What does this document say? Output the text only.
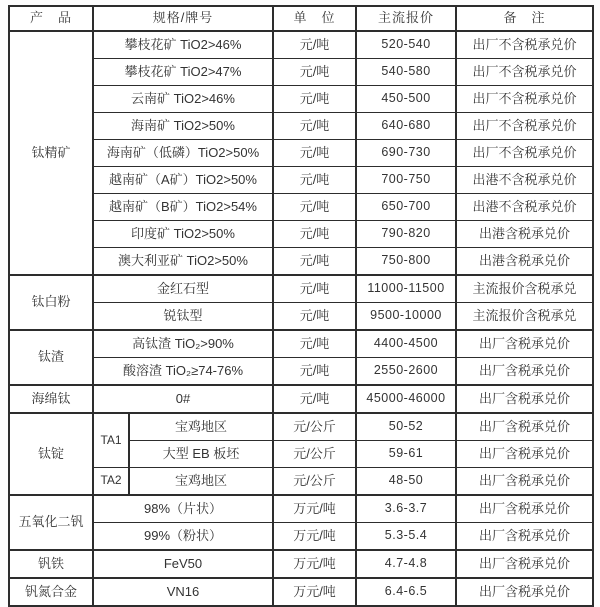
产　品	规格/牌号		单　位	主流报价	备　注
钛精矿	攀枝花矿 TiO2>46%		元/吨	520-540	出厂不含税承兑价
	攀枝花矿 TiO2>47%		元/吨	540-580	出厂不含税承兑价
	云南矿 TiO2>46%		元/吨	450-500	出厂不含税承兑价
	海南矿 TiO2>50%		元/吨	640-680	出厂不含税承兑价
	海南矿（低磷）TiO2>50%		元/吨	690-730	出厂不含税承兑价
	越南矿（A矿）TiO2>50%		元/吨	700-750	出港不含税承兑价
	越南矿（B矿）TiO2>54%		元/吨	650-700	出港不含税承兑价
	印度矿 TiO2>50%		元/吨	790-820	出港含税承兑价
	澳大利亚矿 TiO2>50%		元/吨	750-800	出港含税承兑价
钛白粉	金红石型		元/吨	11000-11500	主流报价含税承兑
	锐钛型		元/吨	9500-10000	主流报价含税承兑
钛渣	高钛渣 TiO₂>90%		元/吨	4400-4500	出厂含税承兑价
	酸溶渣 TiO₂≥74-76%		元/吨	2550-2600	出厂含税承兑价
海绵钛	0#		元/吨	45000-46000	出厂含税承兑价
钛锭	TA1	宝鸡地区	元/公斤	50-52	出厂含税承兑价
		大型 EB 板坯	元/公斤	59-61	出厂含税承兑价
	TA2	宝鸡地区	元/公斤	48-50	出厂含税承兑价
五氧化二钒	98%（片状）		万元/吨	3.6-3.7	出厂含税承兑价
	99%（粉状）		万元/吨	5.3-5.4	出厂含税承兑价
钒铁	FeV50		万元/吨	4.7-4.8	出厂含税承兑价
钒氮合金	VN16		万元/吨	6.4-6.5	出厂含税承兑价
